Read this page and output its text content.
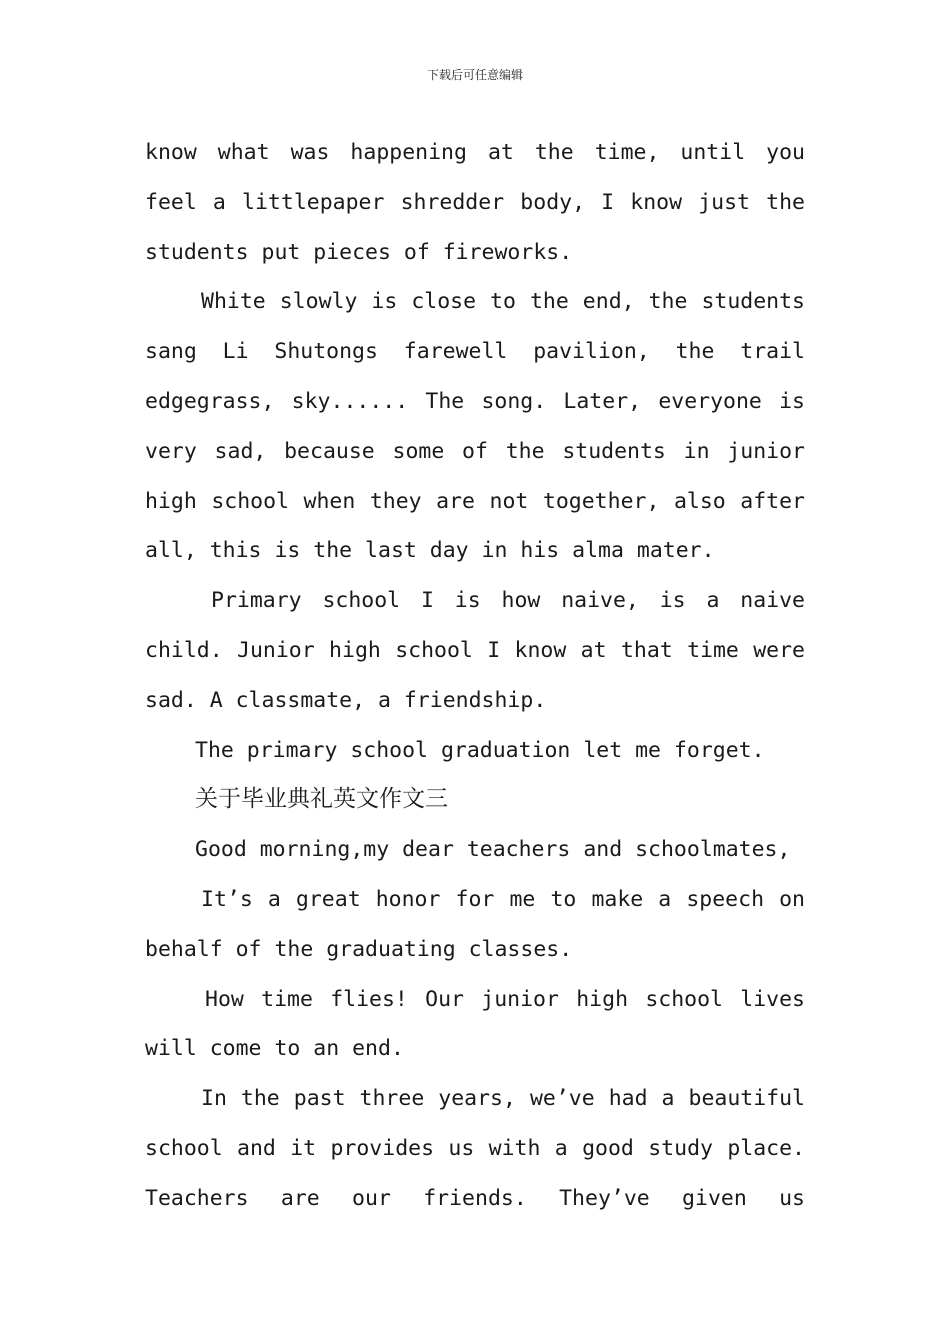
下载后可任意编辑

know what was happening at the time, until you feel a littlepaper shredder body, I know just the students put pieces of fireworks.

White slowly is close to the end, the students sang Li Shutongs farewell pavilion, the trail edgegrass, sky...... The song. Later, everyone is very sad, because some of the students in junior high school when they are not together, also after all, this is the last day in his alma mater.

Primary school I is how naive, is a naive child. Junior high school I know at that time were sad. A classmate, a friendship.

The primary school graduation let me forget.

关于毕业典礼英文作文三

Good morning,my dear teachers and schoolmates,

It’s a great honor for me to make a speech on behalf of the graduating classes.

How time flies! Our junior high school lives will come to an end.

In the past three years, we’ve had a beautiful school and it provides us with a good study place. Teachers are our friends. They’ve given us
